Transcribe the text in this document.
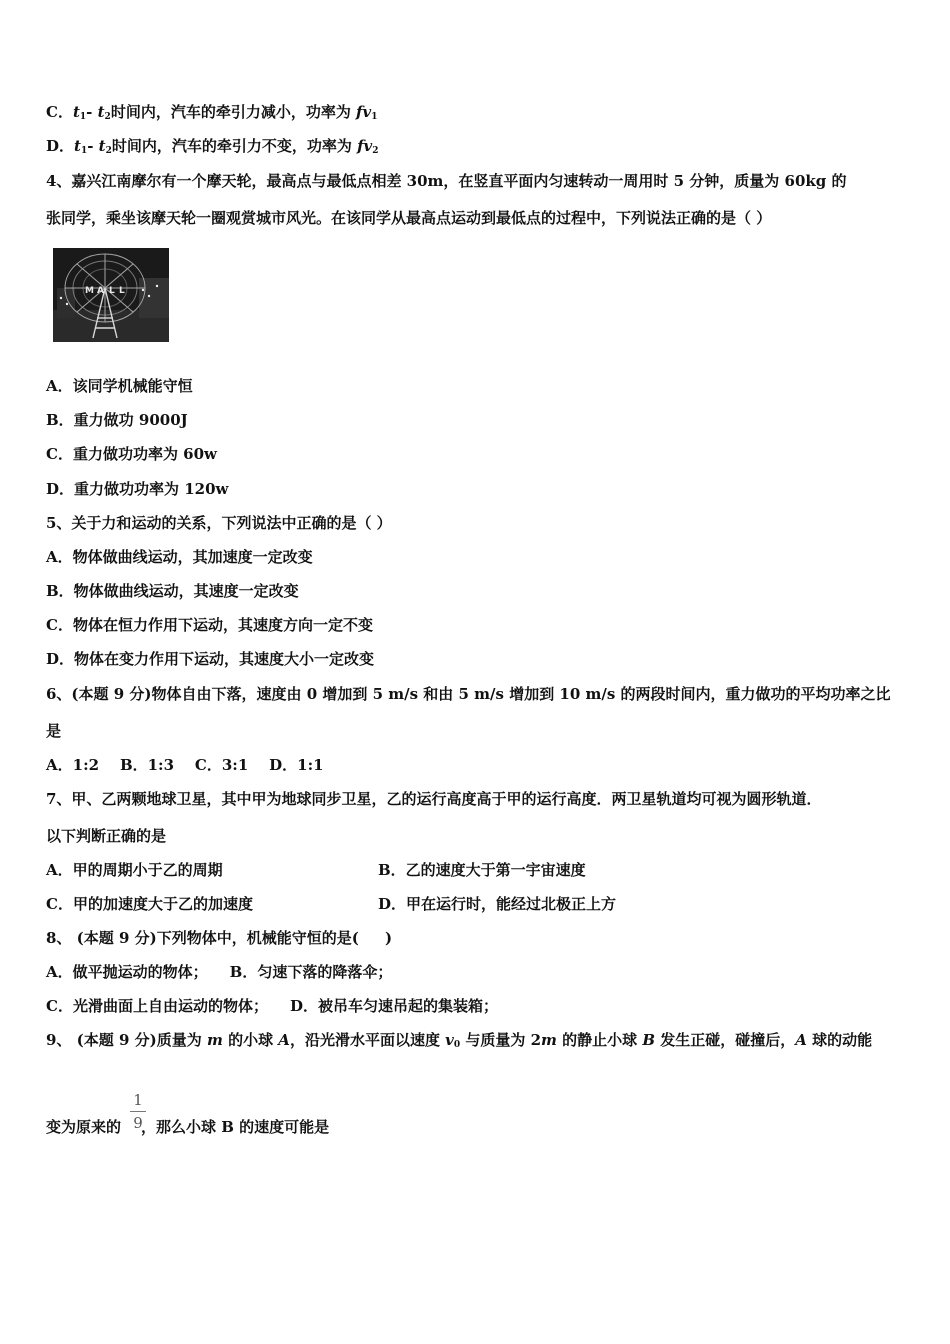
C．$t_1-$ $t_2$时间内，汽车的牵引力减小，功率为 $fv_1$
D．$t_1-$ $t_2$时间内，汽车的牵引力不变，功率为 $fv_2$
4、嘉兴江南摩尔有一个摩天轮，最高点与最低点相差 30m，在竖直平面内匀速转动一周用时 5 分钟，质量为 60kg 的
张同学，乘坐该摩天轮一圈观赏城市风光。在该同学从最高点运动到最低点的过程中，下列说法正确的是（ ）
M A L L
A．该同学机械能守恒
B．重力做功 9000J
C．重力做功功率为 60w
D．重力做功功率为 120w
5、关于力和运动的关系，下列说法中正确的是（ ）
A．物体做曲线运动，其加速度一定改变
B．物体做曲线运动，其速度一定改变
C．物体在恒力作用下运动，其速度方向一定不变
D．物体在变力作用下运动，其速度大小一定改变
6、(本题 9 分)物体自由下落，速度由 0 增加到 5 m/s 和由 5 m/s 增加到 10 m/s 的两段时间内，重力做功的平均功率之比
是
A．1:2    B．1:3    C．3:1    D．1:1
7、甲、乙两颗地球卫星，其中甲为地球同步卫星，乙的运行高度高于甲的运行高度．两卫星轨道均可视为圆形轨道．
以下判断正确的是
A．甲的周期小于乙的周期	B．乙的速度大于第一宇宙速度
C．甲的加速度大于乙的加速度	D．甲在运行时，能经过北极正上方
8、 (本题 9 分)下列物体中，机械能守恒的是(     )
A．做平抛运动的物体； B．匀速下落的降落伞；
C．光滑曲面上自由运动的物体； D．被吊车匀速吊起的集装箱；
9、 (本题 9 分)质量为 m 的小球 A，沿光滑水平面以速度 $v_0$ 与质量为 2m 的静止小球 B 发生正碰，碰撞后，A 球的动能
1
9
变为原来的 ，那么小球 B 的速度可能是
